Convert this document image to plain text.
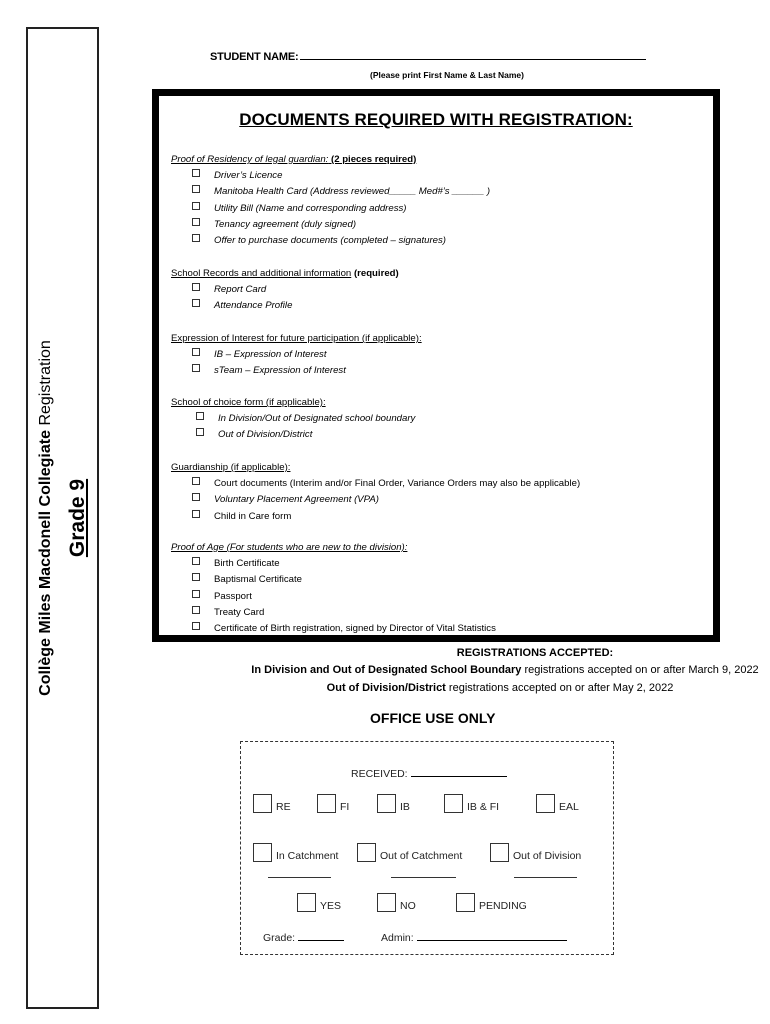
Collège Miles Macdonell Collegiate Registration
Grade 9
STUDENT NAME:
(Please print First Name & Last Name)
DOCUMENTS REQUIRED WITH REGISTRATION:
Proof of Residency of legal guardian: (2 pieces required)
Driver’s Licence
Manitoba Health Card (Address reviewed_____ Med#’s ______ )
Utility Bill (Name and corresponding address)
Tenancy agreement (duly signed)
Offer to purchase documents (completed – signatures)
School Records and additional information (required)
Report Card
Attendance Profile
Expression of Interest for future participation (if applicable):
IB – Expression of Interest
sTeam – Expression of Interest
School of choice form (if applicable):
In Division/Out of Designated school boundary
Out of Division/District
Guardianship (if applicable):
Court documents (Interim and/or Final Order, Variance Orders may also be applicable)
Voluntary Placement Agreement (VPA)
Child in Care form
Proof of Age (For students who are new to the division):
Birth Certificate
Baptismal Certificate
Passport
Treaty Card
Certificate of Birth registration, signed by Director of Vital Statistics
REGISTRATIONS ACCEPTED:
In Division and Out of Designated School Boundary registrations accepted on or after March 9, 2022
Out of Division/District registrations accepted on or after May 2, 2022
OFFICE USE ONLY
RECEIVED:
RE	FI	IB	IB & FI	EAL
In Catchment	Out of Catchment	Out of Division
YES	NO	PENDING
Grade:	Admin:
